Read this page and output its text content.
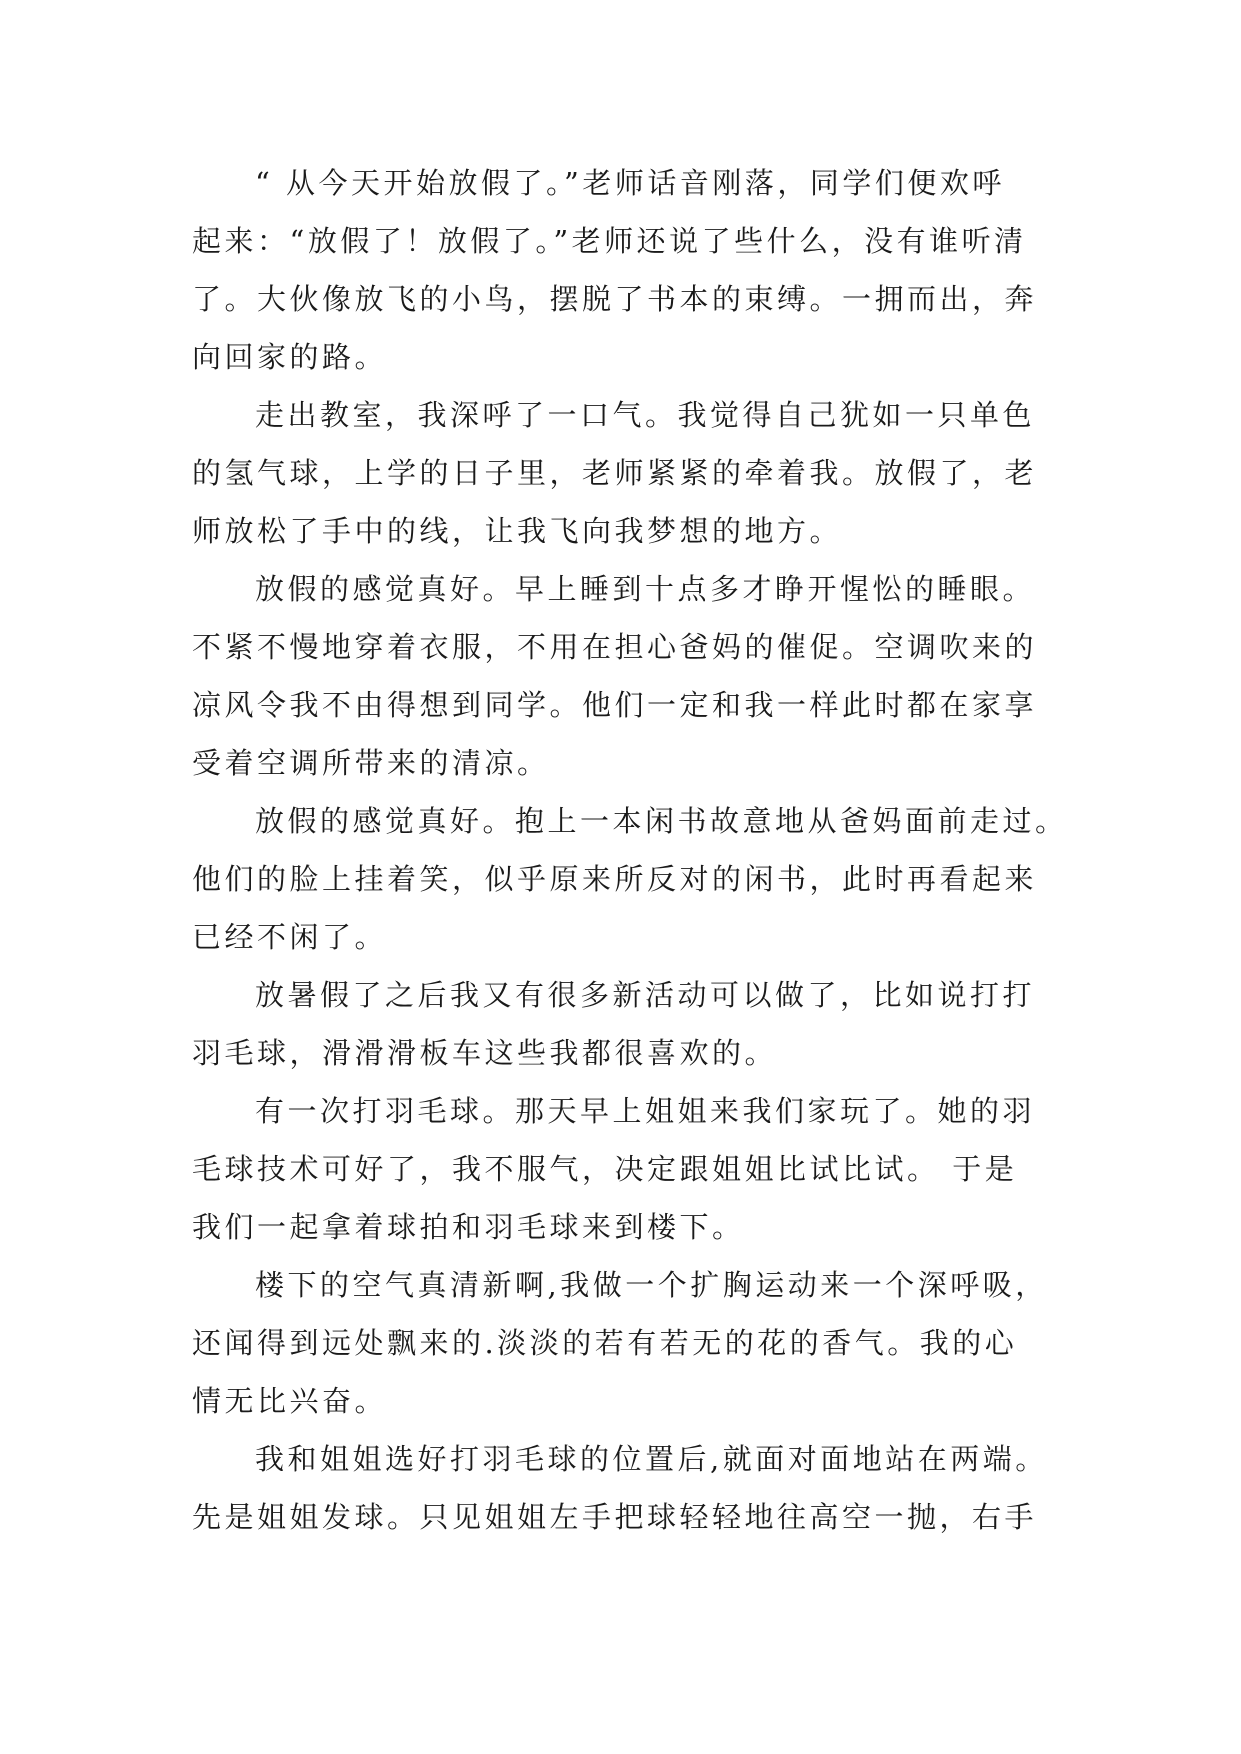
“ 从今天开始放假了。”老师话音刚落，同学们便欢呼
起来：“放假了！放假了。”老师还说了些什么，没有谁听清
了。大伙像放飞的小鸟，摆脱了书本的束缚。一拥而出，奔
向回家的路。
走出教室，我深呼了一口气。我觉得自己犹如一只单色
的氢气球，上学的日子里，老师紧紧的牵着我。放假了，老
师放松了手中的线，让我飞向我梦想的地方。
放假的感觉真好。早上睡到十点多才睁开惺忪的睡眼。
不紧不慢地穿着衣服，不用在担心爸妈的催促。空调吹来的
凉风令我不由得想到同学。他们一定和我一样此时都在家享
受着空调所带来的清凉。
放假的感觉真好。抱上一本闲书故意地从爸妈面前走过。
他们的脸上挂着笑，似乎原来所反对的闲书，此时再看起来
已经不闲了。
放暑假了之后我又有很多新活动可以做了，比如说打打
羽毛球，滑滑滑板车这些我都很喜欢的。
有一次打羽毛球。那天早上姐姐来我们家玩了。她的羽
毛球技术可好了，我不服气，决定跟姐姐比试比试。 于是
我们一起拿着球拍和羽毛球来到楼下。
楼下的空气真清新啊,我做一个扩胸运动来一个深呼吸，
还闻得到远处飘来的.淡淡的若有若无的花的香气。我的心
情无比兴奋。
我和姐姐选好打羽毛球的位置后,就面对面地站在两端。
先是姐姐发球。只见姐姐左手把球轻轻地往高空一抛，右手
